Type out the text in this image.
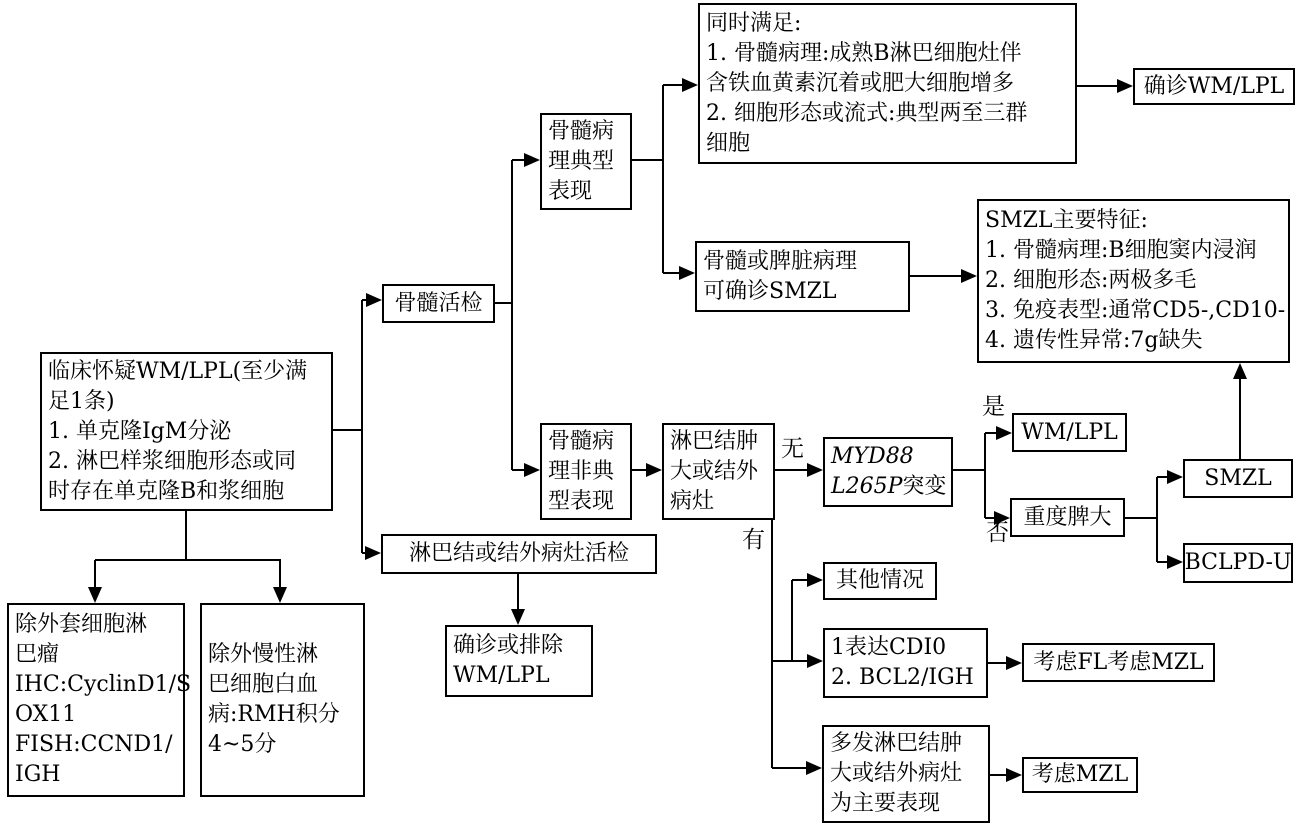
临床怀疑WM/LPL(至少满
足1条)
1. 单克隆IgM分泌
2. 淋巴样浆细胞形态或同
时存在单克隆B和浆细胞
除外套细胞淋
巴瘤
IHC:CyclinD1/S
OX11
FISH:CCND1/
IGH
除外慢性淋
巴细胞白血
病:RMH积分
4~5分
骨髓活检
淋巴结或结外病灶活检
确诊或排除
WM/LPL
骨髓病
理典型
表现
骨髓病
理非典
型表现
同时满足:
1. 骨髓病理:成熟B淋巴细胞灶伴
含铁血黄素沉着或肥大细胞增多
2. 细胞形态或流式:典型两至三群
细胞
确诊WM/LPL
骨髓或脾脏病理
可确诊SMZL
SMZL主要特征:
1. 骨髓病理:B细胞窦内浸润
2. 细胞形态:两极多毛
3. 免疫表型:通常CD5-,CD10-
4. 遗传性异常:7g缺失
淋巴结肿
大或结外
病灶
MYD88
L265P突变
WM/LPL
重度脾大
SMZL
BCLPD-U
其他情况
1表达CDI0
2. BCL2/IGH
考虑FL考虑MZL
多发淋巴结肿
大或结外病灶
为主要表现
考虑MZL
无
有
是
否
